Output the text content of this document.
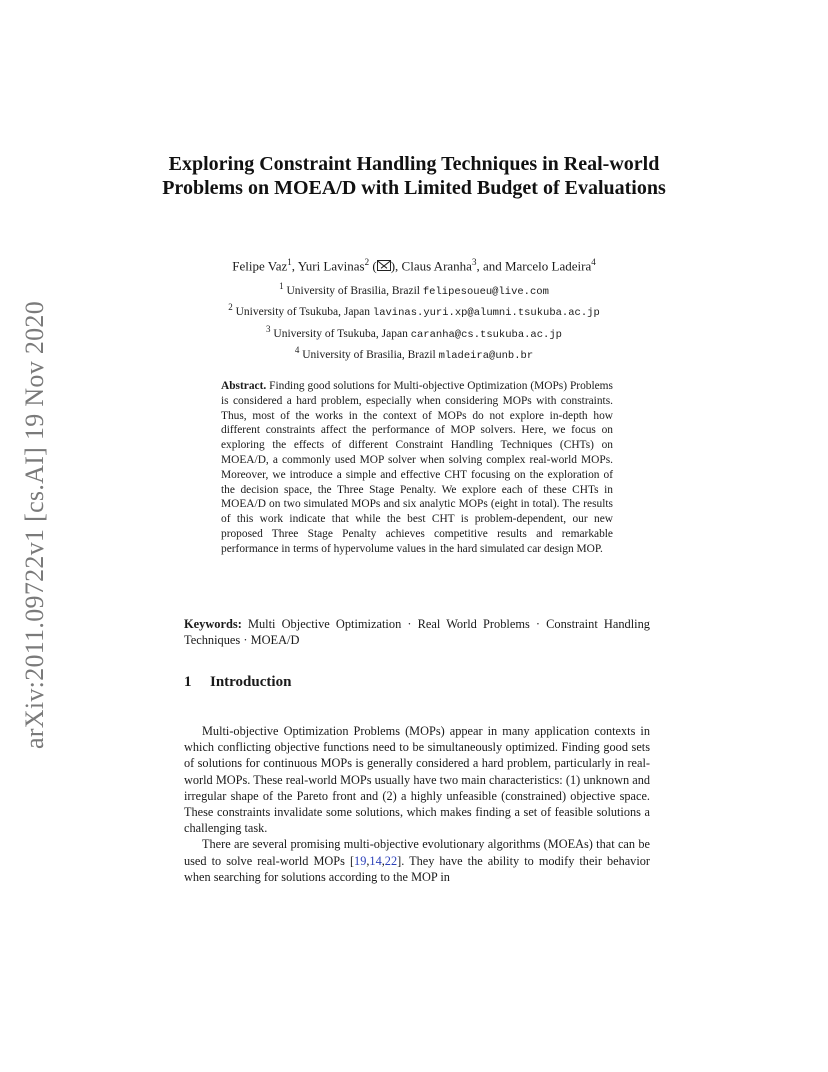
arXiv:2011.09722v1 [cs.AI] 19 Nov 2020
Exploring Constraint Handling Techniques in Real-world Problems on MOEA/D with Limited Budget of Evaluations
Felipe Vaz$^1$, Yuri Lavinas$^2$ ( ), Claus Aranha$^3$, and Marcelo Ladeira$^4$
$^1$ University of Brasilia, Brazil felipesoueu@live.com
$^2$ University of Tsukuba, Japan lavinas.yuri.xp@alumni.tsukuba.ac.jp
$^3$ University of Tsukuba, Japan caranha@cs.tsukuba.ac.jp
$^4$ University of Brasilia, Brazil mladeira@unb.br
Abstract. Finding good solutions for Multi-objective Optimization (MOPs) Problems is considered a hard problem, especially when considering MOPs with constraints. Thus, most of the works in the context of MOPs do not explore in-depth how different constraints affect the performance of MOP solvers. Here, we focus on exploring the effects of different Constraint Handling Techniques (CHTs) on MOEA/D, a commonly used MOP solver when solving complex real-world MOPs. Moreover, we introduce a simple and effective CHT focusing on the exploration of the decision space, the Three Stage Penalty. We explore each of these CHTs in MOEA/D on two simulated MOPs and six analytic MOPs (eight in total). The results of this work indicate that while the best CHT is problem-dependent, our new proposed Three Stage Penalty achieves competitive results and remarkable performance in terms of hypervolume values in the hard simulated car design MOP.
Keywords: Multi Objective Optimization · Real World Problems · Constraint Handling Techniques · MOEA/D
1 Introduction

Multi-objective Optimization Problems (MOPs) appear in many application contexts in which conflicting objective functions need to be simultaneously optimized. Finding good sets of solutions for continuous MOPs is generally considered a hard problem, particularly in real-world MOPs. These real-world MOPs usually have two main characteristics: (1) unknown and irregular shape of the Pareto front and (2) a highly unfeasible (constrained) objective space. These constraints invalidate some solutions, which makes finding a set of feasible solutions a challenging task.

There are several promising multi-objective evolutionary algorithms (MOEAs) that can be used to solve real-world MOPs [19,14,22]. They have the ability to modify their behavior when searching for solutions according to the MOP in
